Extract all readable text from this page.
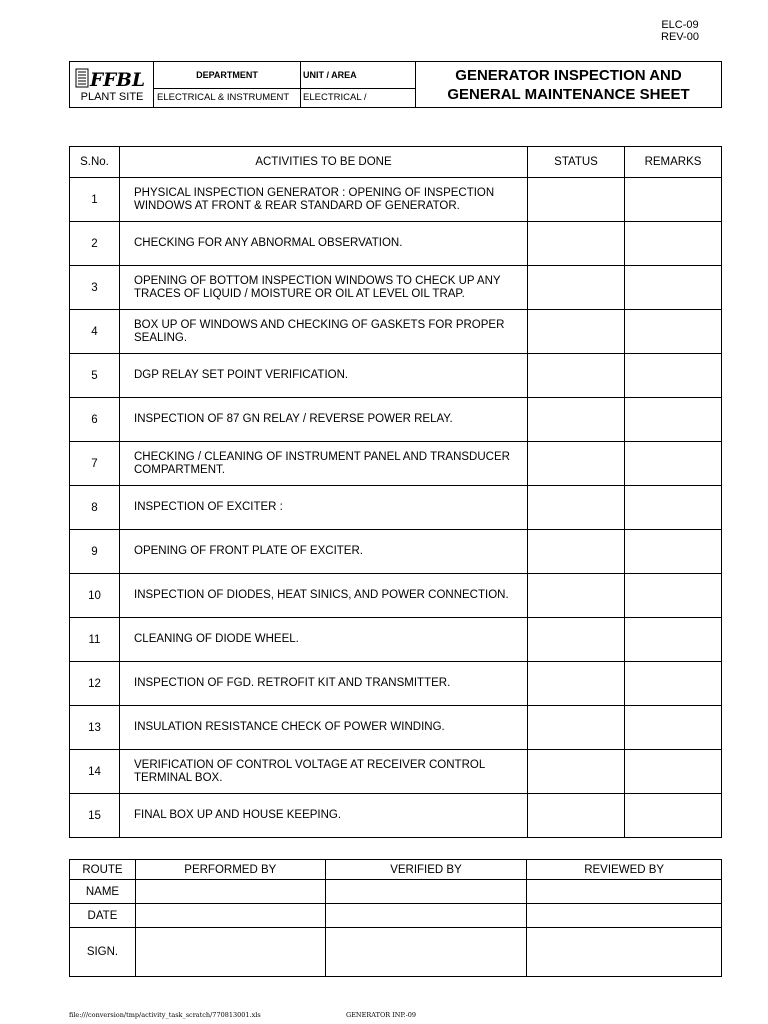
ELC-09
REV-00
FFBL
PLANT SITE
DEPARTMENT	UNIT / AREA
ELECTRICAL & INSTRUMENT	ELECTRICAL /
GENERATOR INSPECTION AND
GENERAL MAINTENANCE SHEET
S.No.	ACTIVITIES TO BE DONE	STATUS	REMARKS
1	PHYSICAL INSPECTION GENERATOR : OPENING OF INSPECTION WINDOWS AT FRONT & REAR STANDARD OF GENERATOR.		
2	CHECKING FOR ANY ABNORMAL OBSERVATION.		
3	OPENING OF BOTTOM INSPECTION WINDOWS TO CHECK UP ANY TRACES OF LIQUID / MOISTURE OR OIL AT LEVEL OIL TRAP.		
4	BOX UP OF WINDOWS AND CHECKING OF GASKETS FOR PROPER SEALING.		
5	DGP RELAY SET POINT VERIFICATION.		
6	INSPECTION OF 87 GN RELAY / REVERSE POWER RELAY.		
7	CHECKING / CLEANING OF INSTRUMENT PANEL AND TRANSDUCER COMPARTMENT.		
8	INSPECTION OF EXCITER :		
9	OPENING OF FRONT PLATE OF EXCITER.		
10	INSPECTION OF DIODES, HEAT SINICS, AND POWER CONNECTION.		
11	CLEANING OF DIODE WHEEL.		
12	INSPECTION OF FGD. RETROFIT KIT AND TRANSMITTER.		
13	INSULATION RESISTANCE CHECK OF POWER WINDING.		
14	VERIFICATION OF CONTROL VOLTAGE AT RECEIVER CONTROL TERMINAL BOX.		
15	FINAL BOX UP AND HOUSE KEEPING.		
ROUTE	PERFORMED BY	VERIFIED BY	REVIEWED BY
NAME			
DATE			
SIGN.			
file:///conversion/tmp/activity_task_scratch/770813001.xls	GENERATOR INP.-09
